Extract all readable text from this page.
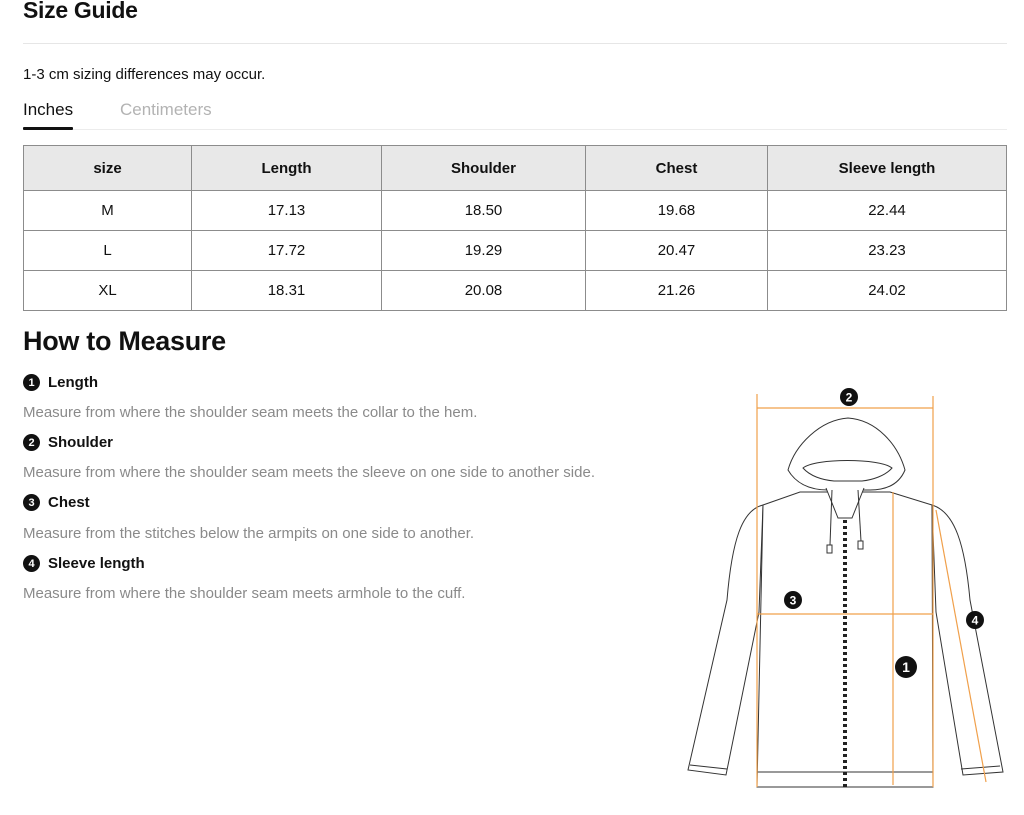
Size Guide
1-3 cm sizing differences may occur.
Inches	Centimeters
size	Length	Shoulder	Chest	Sleeve length
M	17.13	18.50	19.68	22.44
L	17.72	19.29	20.47	23.23
XL	18.31	20.08	21.26	24.02
How to Measure
1 Length
Measure from where the shoulder seam meets the collar to the hem.
2 Shoulder
Measure from where the shoulder seam meets the sleeve on one side to another side.
3 Chest
Measure from the stitches below the armpits on one side to another.
4 Sleeve length
Measure from where the shoulder seam meets armhole to the cuff.
2
3
4
1
